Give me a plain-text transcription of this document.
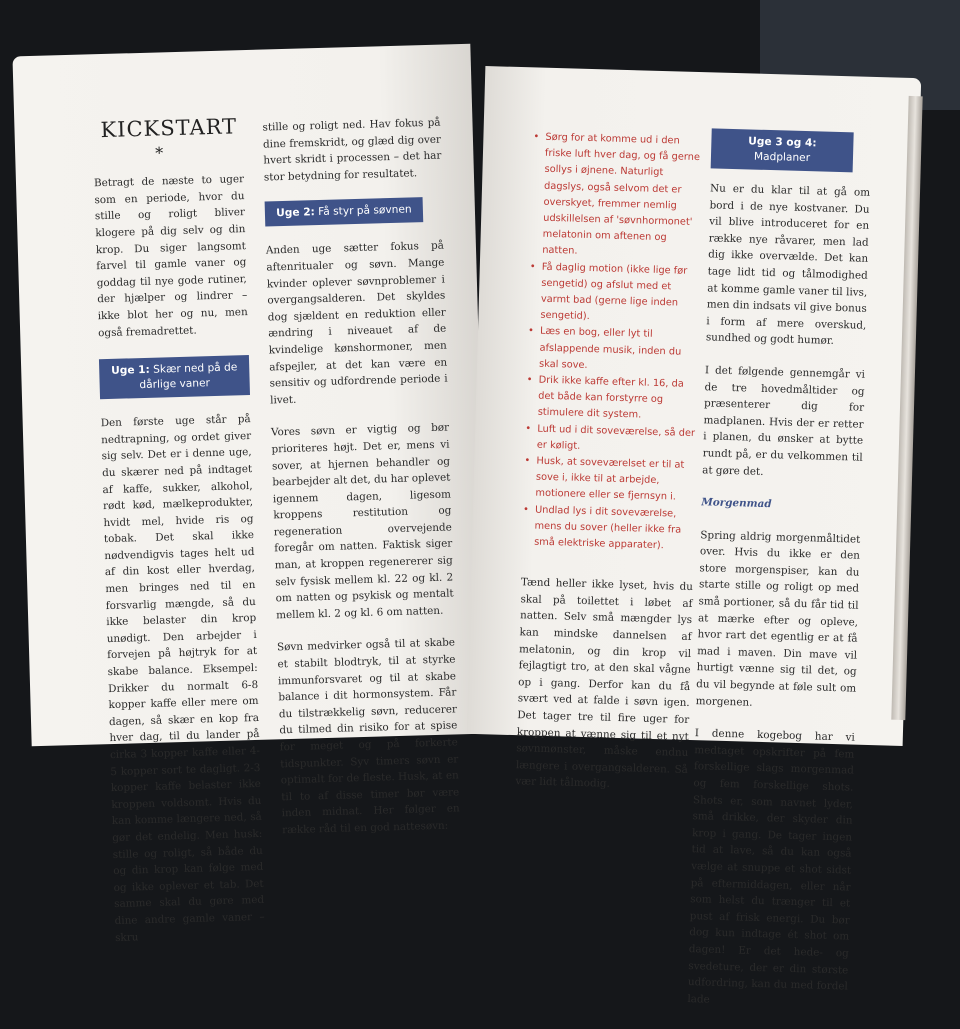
KICKSTART
*

Betragt de næste to uger som en periode, hvor du stille og roligt bliver klogere på dig selv og din krop. Du siger langsomt farvel til gamle vaner og goddag til nye gode rutiner, der hjælper og lindrer – ikke blot her og nu, men også fremadrettet.

Uge 1: Skær ned på de dårlige vaner

Den første uge står på nedtrapning, og ordet giver sig selv. Det er i denne uge, du skærer ned på indtaget af kaffe, sukker, alkohol, rødt kød, mælkeprodukter, hvidt mel, hvide ris og tobak. Det skal ikke nødvendigvis tages helt ud af din kost eller hverdag, men bringes ned til en forsvarlig mængde, så du ikke belaster din krop unødigt. Den arbejder i forvejen på højtryk for at skabe balance. Eksempel: Drikker du normalt 6-8 kopper kaffe eller mere om dagen, så skær en kop fra hver dag, til du lander på cirka 3 kopper kaffe eller 4-5 kopper sort te dagligt. 2-3 kopper kaffe belaster ikke kroppen voldsomt. Hvis du kan komme længere ned, så gør det endelig. Men husk: stille og roligt, så både du og din krop kan følge med og ikke oplever et tab. Det samme skal du gøre med dine andre gamle vaner – skru

stille og roligt ned. Hav fokus på dine fremskridt, og glæd dig over hvert skridt i processen – det har stor betydning for resultatet.

Uge 2: Få styr på søvnen

Anden uge sætter fokus på aftenritualer og søvn. Mange kvinder oplever søvnproblemer i overgangsalderen. Det skyldes dog sjældent en reduktion eller ændring i niveauet af de kvindelige kønshormoner, men afspejler, at det kan være en sensitiv og udfordrende periode i livet.

Vores søvn er vigtig og bør prioriteres højt. Det er, mens vi sover, at hjernen behandler og bearbejder alt det, du har oplevet igennem dagen, ligesom kroppens restitution og regeneration overvejende foregår om natten. Faktisk siger man, at kroppen regenererer sig selv fysisk mellem kl. 22 og kl. 2 om natten og psykisk og mentalt mellem kl. 2 og kl. 6 om natten.

Søvn medvirker også til at skabe et stabilt blodtryk, til at styrke immunforsvaret og til at skabe balance i dit hormonsystem. Får du tilstrækkelig søvn, reducerer du tilmed din risiko for at spise for meget og på forkerte tidspunkter. Syv timers søvn er optimalt for de fleste. Husk, at en til to af disse timer bør være inden midnat. Her følger en række råd til en god nattesøvn:

• Sørg for at komme ud i den friske luft hver dag, og få gerne sollys i øjnene. Naturligt dagslys, også selvom det er overskyet, fremmer nemlig udskillelsen af 'søvnhormonet' melatonin om aftenen og natten.
• Få daglig motion (ikke lige før sengetid) og afslut med et varmt bad (gerne lige inden sengetid).
• Læs en bog, eller lyt til afslappende musik, inden du skal sove.
• Drik ikke kaffe efter kl. 16, da det både kan forstyrre og stimulere dit system.
• Luft ud i dit soveværelse, så der er køligt.
• Husk, at soveværelset er til at sove i, ikke til at arbejde, motionere eller se fjernsyn i.
• Undlad lys i dit soveværelse, mens du sover (heller ikke fra små elektriske apparater).

Tænd heller ikke lyset, hvis du skal på toilettet i løbet af natten. Selv små mængder lys kan mindske dannelsen af melatonin, og din krop vil fejlagtigt tro, at den skal vågne op i gang. Derfor kan du få svært ved at falde i søvn igen. Det tager tre til fire uger for kroppen at vænne sig til et nyt søvnmønster, måske endnu længere i overgangsalderen. Så vær lidt tålmodig.

Uge 3 og 4: Madplaner

Nu er du klar til at gå om bord i de nye kostvaner. Du vil blive introduceret for en række nye råvarer, men lad dig ikke overvælde. Det kan tage lidt tid og tålmodighed at komme gamle vaner til livs, men din indsats vil give bonus i form af mere overskud, sundhed og godt humør.

I det følgende gennemgår vi de tre hovedmåltider og præsenterer dig for madplanen. Hvis der er retter i planen, du ønsker at bytte rundt på, er du velkommen til at gøre det.

Morgenmad

Spring aldrig morgenmåltidet over. Hvis du ikke er den store morgenspiser, kan du starte stille og roligt op med små portioner, så du får tid til at mærke efter og opleve, hvor rart det egentlig er at få mad i maven. Din mave vil hurtigt vænne sig til det, og du vil begynde at føle sult om morgenen.

I denne kogebog har vi medtaget opskrifter på fem forskellige slags morgenmad og fem forskellige shots. Shots er, som navnet lyder, små drikke, der skyder din krop i gang. De tager ingen tid at lave, så du kan også vælge at snuppe et shot sidst på eftermiddagen, eller når som helst du trænger til et pust af frisk energi. Du bør dog kun indtage ét shot om dagen! Er det hede- og svedeture, der er din største udfordring, kan du med fordel lade
